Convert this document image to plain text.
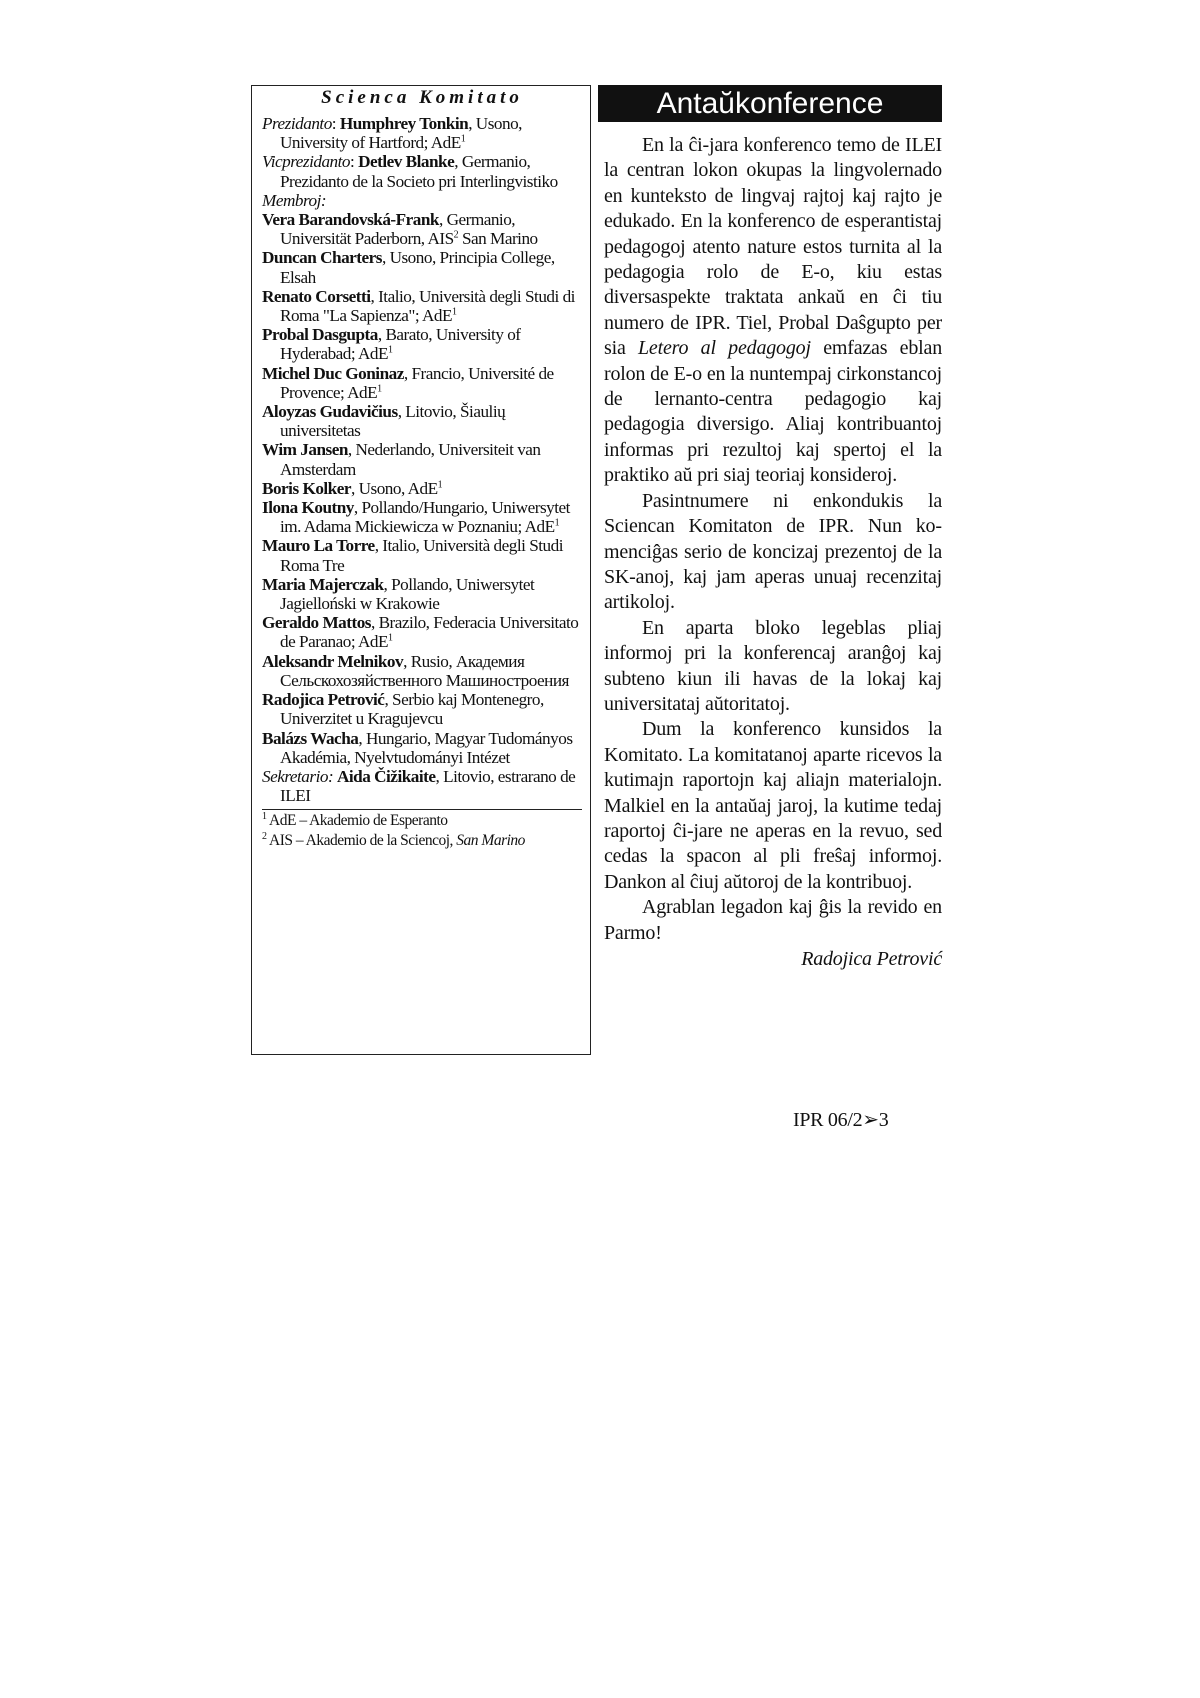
Scienca Komitato

Prezidanto: Humphrey Tonkin, Usono, University of Hartford; AdE$^1$

Vicprezidanto: Detlev Blanke, Germanio, Prezidanto de la Societo pri Interlingvistiko

Membroj:

Vera Barandovská-Frank, Germanio, Universität Paderborn, AIS$^2$ San Marino

Duncan Charters, Usono, Principia College, Elsah

Renato Corsetti, Italio, Università degli Studi di Roma "La Sapienza"; AdE$^1$

Probal Dasgupta, Barato, University of Hyderabad; AdE$^1$

Michel Duc Goninaz, Francio, Université de Provence; AdE$^1$

Aloyzas Gudavičius, Litovio, Šiaulių universitetas

Wim Jansen, Nederlando, Universiteit van Amsterdam

Boris Kolker, Usono, AdE$^1$

Ilona Koutny, Pollando/Hungario, Uniwersytet im. Adama Mickiewicza w Poznaniu; AdE$^1$

Mauro La Torre, Italio, Università degli Studi Roma Tre

Maria Majerczak, Pollando, Uniwersytet Jagielloński w Krakowie

Geraldo Mattos, Brazilo, Federacia Universitato de Paranao; AdE$^1$

Aleksandr Melnikov, Rusio, Академия Сельскохозяйственного Машиностроения

Radojica Petrović, Serbio kaj Montenegro, Univerzitet u Kragujevcu

Balázs Wacha, Hungario, Magyar Tudományos Akadémia, Nyelvtudományi Intézet

Sekretario: Aida Čižikaite, Litovio, estrarano de ILEI

$^1$ AdE – Akademio de Esperanto

$^2$ AIS – Akademio de la Sciencoj, San Marino

Antaŭkonference

En la ĉi-jara konferenco temo de ILEI la centran lokon okupas la lingvolernado en kunteksto de lingvaj rajtoj kaj rajto je edukado. En la konferenco de esperantistaj pedagogoj atento nature estos turnita al la pedagogia rolo de E-o, kiu estas diversaspekte traktata ankaŭ en ĉi tiu numero de IPR. Tiel, Probal Daŝgupto per sia Letero al pedagogoj emfazas eblan rolon de E-o en la nuntempaj cirkonstancoj de lernanto-centra pedagogio kaj pedagogia diversigo. Aliaj kontribuantoj informas pri rezultoj kaj spertoj el la praktiko aŭ pri siaj teoriaj konsideroj.

Pasintnumere ni enkondukis la Sciencan Komitaton de IPR. Nun komenciĝas serio de koncizaj prezentoj de la SK-anoj, kaj jam aperas unuaj recenzitaj artikoloj.

En aparta bloko legeblas pliaj informoj pri la konferencaj aranĝoj kaj subteno kiun ili havas de la lokaj kaj universitataj aŭtoritatoj.

Dum la konferenco kunsidos la Komitato. La komitatanoj aparte ricevos la kutimajn raportojn kaj aliajn materialojn. Malkiel en la antaŭaj jaroj, la kutime tedaj raportoj ĉi-jare ne aperas en la revuo, sed cedas la spacon al pli freŝaj informoj. Dankon al ĉiuj aŭtoroj de la kontribuoj.

Agrablan legadon kaj ĝis la revido en Parmo!

Radojica Petrović
IPR 06/2➢3
